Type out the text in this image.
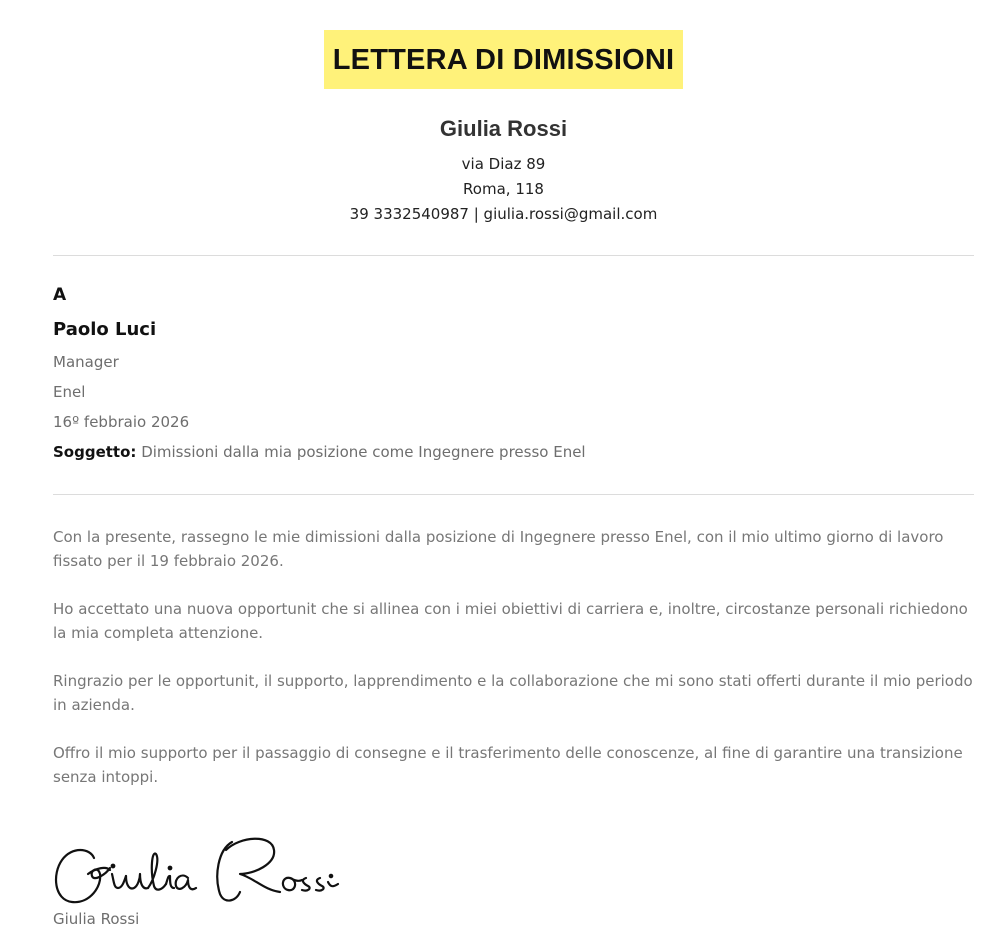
LETTERA DI DIMISSIONI
Giulia Rossi
via Diaz 89
Roma, 118
39 3332540987 | giulia.rossi@gmail.com
A
Paolo Luci
Manager
Enel
16º febbraio 2026
Soggetto: Dimissioni dalla mia posizione come Ingegnere presso Enel

Con la presente, rassegno le mie dimissioni dalla posizione di Ingegnere presso Enel, con il mio ultimo giorno di lavoro fissato per il 19 febbraio 2026.

Ho accettato una nuova opportunit che si allinea con i miei obiettivi di carriera e, inoltre, circostanze personali richiedono la mia completa attenzione.

Ringrazio per le opportunit, il supporto, lapprendimento e la collaborazione che mi sono stati offerti durante il mio periodo in azienda.

Offro il mio supporto per il passaggio di consegne e il trasferimento delle conoscenze, al fine di garantire una transizione senza intoppi.

Giulia Rossi
